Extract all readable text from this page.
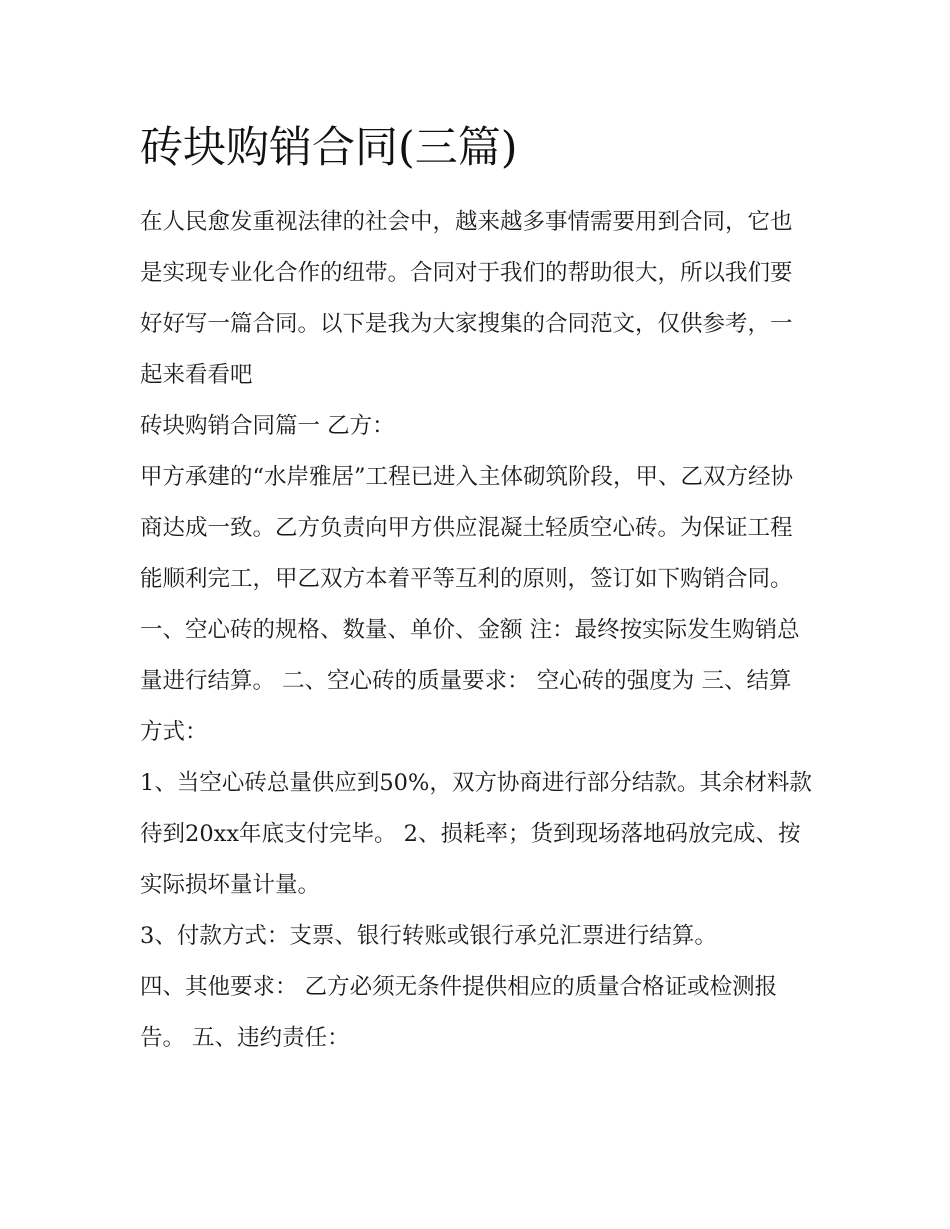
砖块购销合同(三篇)

在人民愈发重视法律的社会中，越来越多事情需要用到合同，它也是实现专业化合作的纽带。合同对于我们的帮助很大，所以我们要好好写一篇合同。以下是我为大家搜集的合同范文，仅供参考，一起来看看吧

砖块购销合同篇一 乙方：

甲方承建的“水岸雅居”工程已进入主体砌筑阶段，甲、乙双方经协商达成一致。乙方负责向甲方供应混凝土轻质空心砖。为保证工程能顺利完工，甲乙双方本着平等互利的原则，签订如下购销合同。

一、空心砖的规格、数量、单价、金额 注：最终按实际发生购销总量进行结算。 二、空心砖的质量要求： 空心砖的强度为 三、结算方式：

1、当空心砖总量供应到50%，双方协商进行部分结款。其余材料款待到20xx年底支付完毕。 2、损耗率；货到现场落地码放完成、按实际损坏量计量。

3、付款方式：支票、银行转账或银行承兑汇票进行结算。

四、其他要求： 乙方必须无条件提供相应的质量合格证或检测报告。 五、违约责任：
